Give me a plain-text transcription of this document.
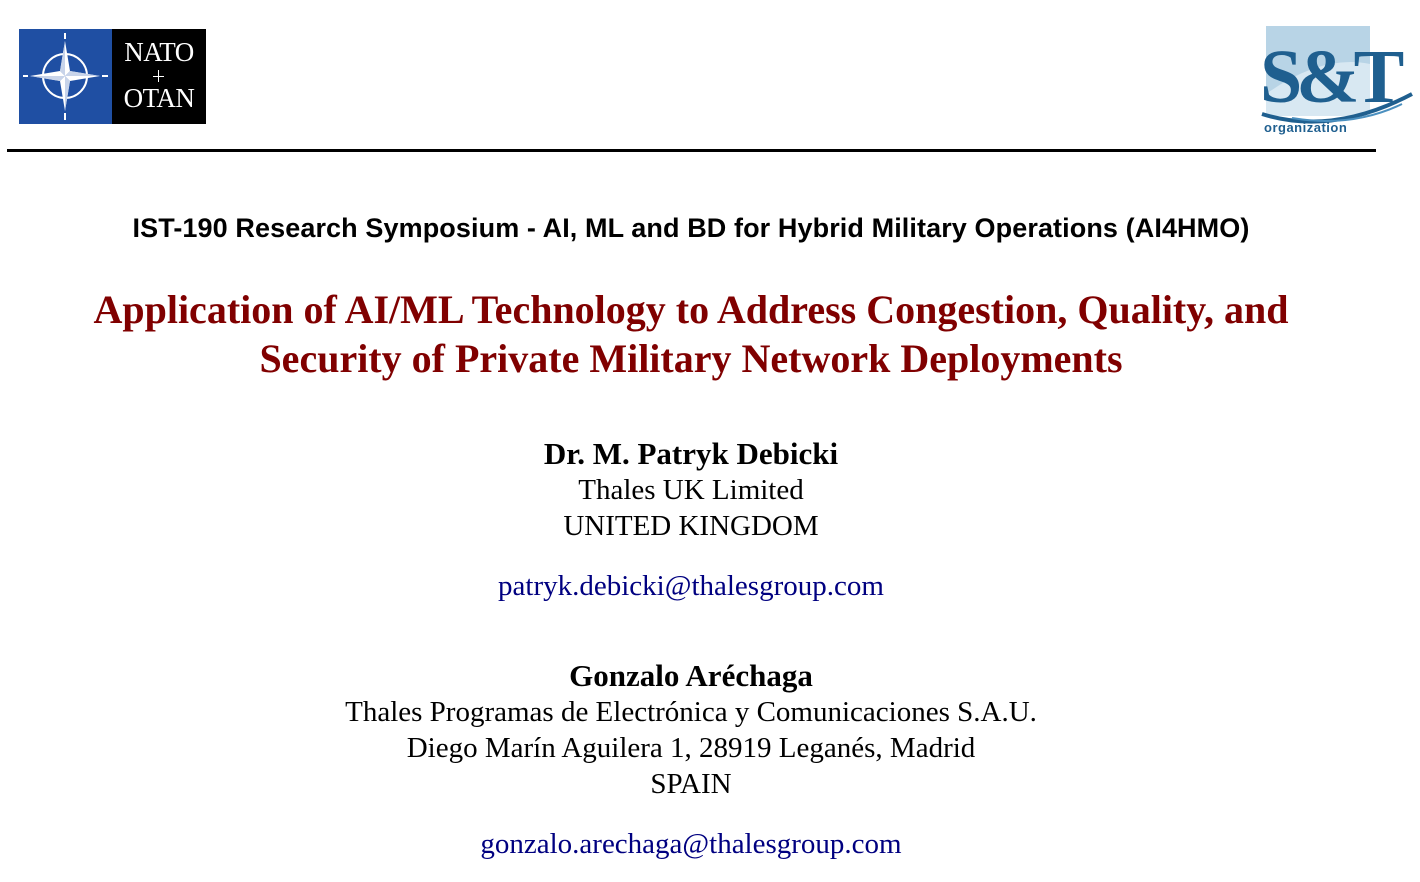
NATO
OTAN	S&T
organization
IST-190 Research Symposium - AI, ML and BD for Hybrid Military Operations (AI4HMO)
Application of AI/ML Technology to Address Congestion, Quality, and
Security of Private Military Network Deployments
Dr. M. Patryk Debicki
Thales UK Limited
UNITED KINGDOM
patryk.debicki@thalesgroup.com
Gonzalo Aréchaga
Thales Programas de Electrónica y Comunicaciones S.A.U.
Diego Marín Aguilera 1, 28919 Leganés, Madrid
SPAIN
gonzalo.arechaga@thalesgroup.com
